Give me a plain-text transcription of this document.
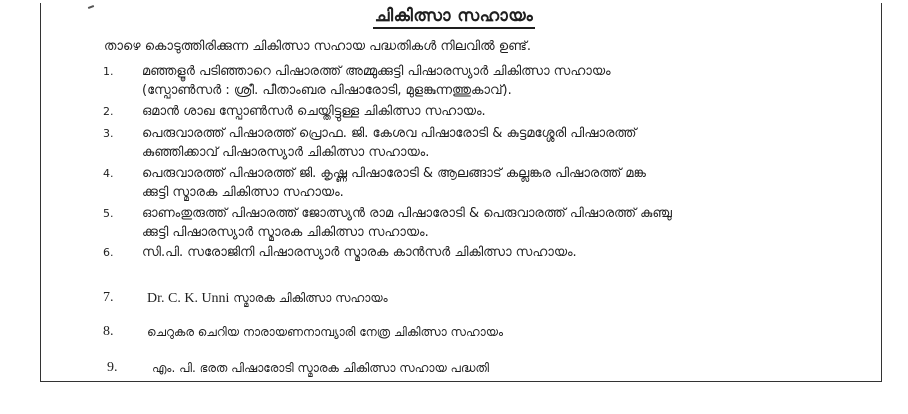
ചികിത്സാ സഹായം
താഴെ കൊടുത്തിരിക്കുന്ന ചികിത്സാ സഹായ പദ്ധതികൾ നിലവിൽ ഉണ്ട്.
1. മഞ്ഞളൂർ പടിഞ്ഞാറെ പിഷാരത്ത് അമ്മുക്കുട്ടി പിഷാരസ്യാർ ചികിത്സാ സഹായം
(സ്പോൺസർ : ശ്രീ. പീതാംബര പിഷാരോടി, മുളങ്കുന്നത്തുകാവ്).
2. ഒമാൻ ശാഖ സ്പോൺസർ ചെയ്തിട്ടുള്ള ചികിത്സാ സഹായം.
3. പെരുവാരത്ത് പിഷാരത്ത് പ്രൊഫ. ജി. കേശവ പിഷാരോടി & കുട്ടമശ്ശേരി പിഷാരത്ത്
കുഞ്ഞിക്കാവ് പിഷാരസ്യാർ ചികിത്സാ സഹായം.
4. പെരുവാരത്ത് പിഷാരത്ത് ജി. കൃഷ്ണ പിഷാരോടി & ആലങ്ങാട് കല്ലങ്കര പിഷാരത്ത് മങ്ക
ക്കുട്ടി സ്മാരക ചികിത്സാ സഹായം.
5. ഓണംതുരുത്ത് പിഷാരത്ത് ജോത്സ്യൻ രാമ പിഷാരോടി & പെരുവാരത്ത് പിഷാരത്ത് കുഞ്ചു
ക്കുട്ടി പിഷാരസ്യാർ സ്മാരക ചികിത്സാ സഹായം.
6. സി.പി. സരോജിനി പിഷാരസ്യാർ സ്മാരക കാൻസർ ചികിത്സാ സഹായം.
7. Dr. C. K. Unni സ്മാരക ചികിത്സാ സഹായം
8.	ചെറുകര ചെറിയ നാരായണനാമ്പ്യാരി നേത്ര ചികിത്സാ സഹായം
9.	എം. പി. ഭരത പിഷാരോടി സ്മാരക ചികിത്സാ സഹായ പദ്ധതി
